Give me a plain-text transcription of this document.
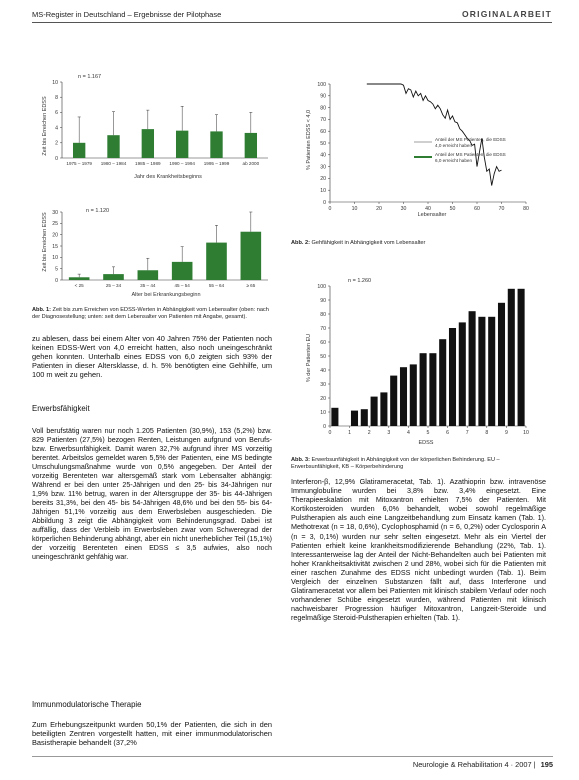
MS-Register in Deutschland – Ergebnisse der Pilotphase	ORIGINALARBEIT
Zeit bis Erreichen EDSS
n = 1.167
0
2
4
6
8
10
1975 – 1979 1980 – 1984 1985 – 1989 1990 – 1994 1995 – 1999	ab 2000
Jahr des Krankheitsbeginns
Zeit bis Erreichen EDSS
n = 1.120
0
5
10
15
20
25
30
< 25	25 – 34	35 – 44	45 – 54	55 – 64	≥ 65
Alter bei Erkrankungsbeginn
Abb. 1: Zeit bis zum Erreichen von EDSS-Werten in Abhängigkeit vom Lebensalter (oben: nach der Diagnosestellung; unten: seit dem Lebensalter von Patienten mit Angabe, gesamt).
% Patienten EDSS < 4,0
0
10
20
30
40
50
60
70
80
90
100
0	10	20	30	40	50	60	70	80
Anteil der MS Patienten, die EDSS
4,0 erreicht haben
Anteil der MS Patienten, die EDSS
6,0 erreicht haben
Lebensalter
Abb. 2: Gehfähigkeit in Abhängigkeit vom Lebensalter
% der Patienten EU
n = 1.260
0
10
20
30
40
50
60
70
80
90
100
0	1	2	3	4	5	6	7	8	9	10
EDSS
Abb. 3: Erwerbsunfähigkeit in Abhängigkeit von der körperlichen Behinderung. EU – Erwerbsunfähigkeit, KB – Körperbehinderung

zu ablesen, dass bei einem Alter von 40 Jahren 75% der Patienten noch keinen EDSS-Wert von 4,0 erreicht hatten, also noch uneingeschränkt gehen konnten. Unterhalb eines EDSS von 6,0 zeigten sich 93% der Patienten in dieser Altersklasse, d. h. 5% benötigten eine Gehhilfe, um 100 m weit zu gehen.

Erwerbsfähigkeit

Voll berufstätig waren nur noch 1.205 Patienten (30,9%), 153 (5,2%) bzw. 829 Patienten (27,5%) bezogen Renten, Leistungen aufgrund von Berufs- bzw. Erwerbsunfähigkeit. Damit waren 32,7% aufgrund ihrer MS vorzeitig berentet. Arbeitslos gemeldet waren 5,5% der Patienten, eine MS bedingte Umschulungsmaßnahme wurde von 0,5% angegeben. Der Anteil der vorzeitig Berenteten war altersgemäß stark vom Lebensalter abhängig: Während er bei den unter 25-Jährigen und den 25- bis 34-Jährigen nur 1,9% bzw. 11% betrug, waren in der Altersgruppe der 35- bis 44-Jährigen bereits 31,3%, bei den 45- bis 54-Jährigen 48,6% und bei den 55- bis 64-Jährigen 51,1% vorzeitig aus dem Erwerbsleben ausgeschieden. Die Abbildung 3 zeigt die Abhängigkeit vom Behinderungsgrad. Dabei ist auffällig, dass der Verbleib im Erwerbsleben zwar vom Schweregrad der körperlichen Behinderung abhängt, aber ein nicht unerheblicher Teil (15,1%) der vorzeitig Berenteten einen EDSS ≤ 3,5 aufwies, also noch uneingeschränkt gehfähig war.

Immunmodulatorische Therapie

Zum Erhebungszeitpunkt wurden 50,1% der Patienten, die sich in den beteiligten Zentren vorgestellt hatten, mit einer immunmodulatorischen Basistherapie behandelt (37,2%

Interferon-β, 12,9% Glatirameracetat, Tab. 1). Azathioprin bzw. intravenöse Immunglobuline wurden bei 3,8% bzw. 3,4% eingesetzt. Eine Therapieeskalation mit Mitoxantron erhielten 7,5% der Patienten. Mit Kortikosteroiden wurden 6,0% behandelt, wobei sowohl regelmäßige Pulstherapien als auch eine Langzeitbehandlung zum Einsatz kamen (Tab. 1). Methotrexat (n = 18, 0,6%), Cyclophosphamid (n = 6, 0,2%) oder Cyclosporin A (n = 3, 0,1%) wurden nur sehr selten eingesetzt. Mehr als ein Viertel der Patienten erhielt keine krankheitsmodifizierende Behandlung (22%, Tab. 1). Interessanterweise lag der Anteil der Nicht-Behandelten auch bei Patienten mit hoher Krankheitsaktivität zwischen 2 und 28%, wobei sich für die Patienten mit einer raschen Zunahme des EDSS nicht unbedingt wurden (Tab. 1). Beim Vergleich der einzelnen Substanzen fällt auf, dass Interferone und Glatirameracetat vor allem bei Patienten mit klinisch stabilem Verlauf oder noch vorhandener Schübe eingesetzt wurden, während Patienten mit klinisch nachweisbarer Progression häufiger Mitoxantron, Langzeit-Steroide und regelmäßige Steroid-Pulstherapien erhielten (Tab. 1).

Neurologie & Rehabilitation 4 · 2007 | 195
